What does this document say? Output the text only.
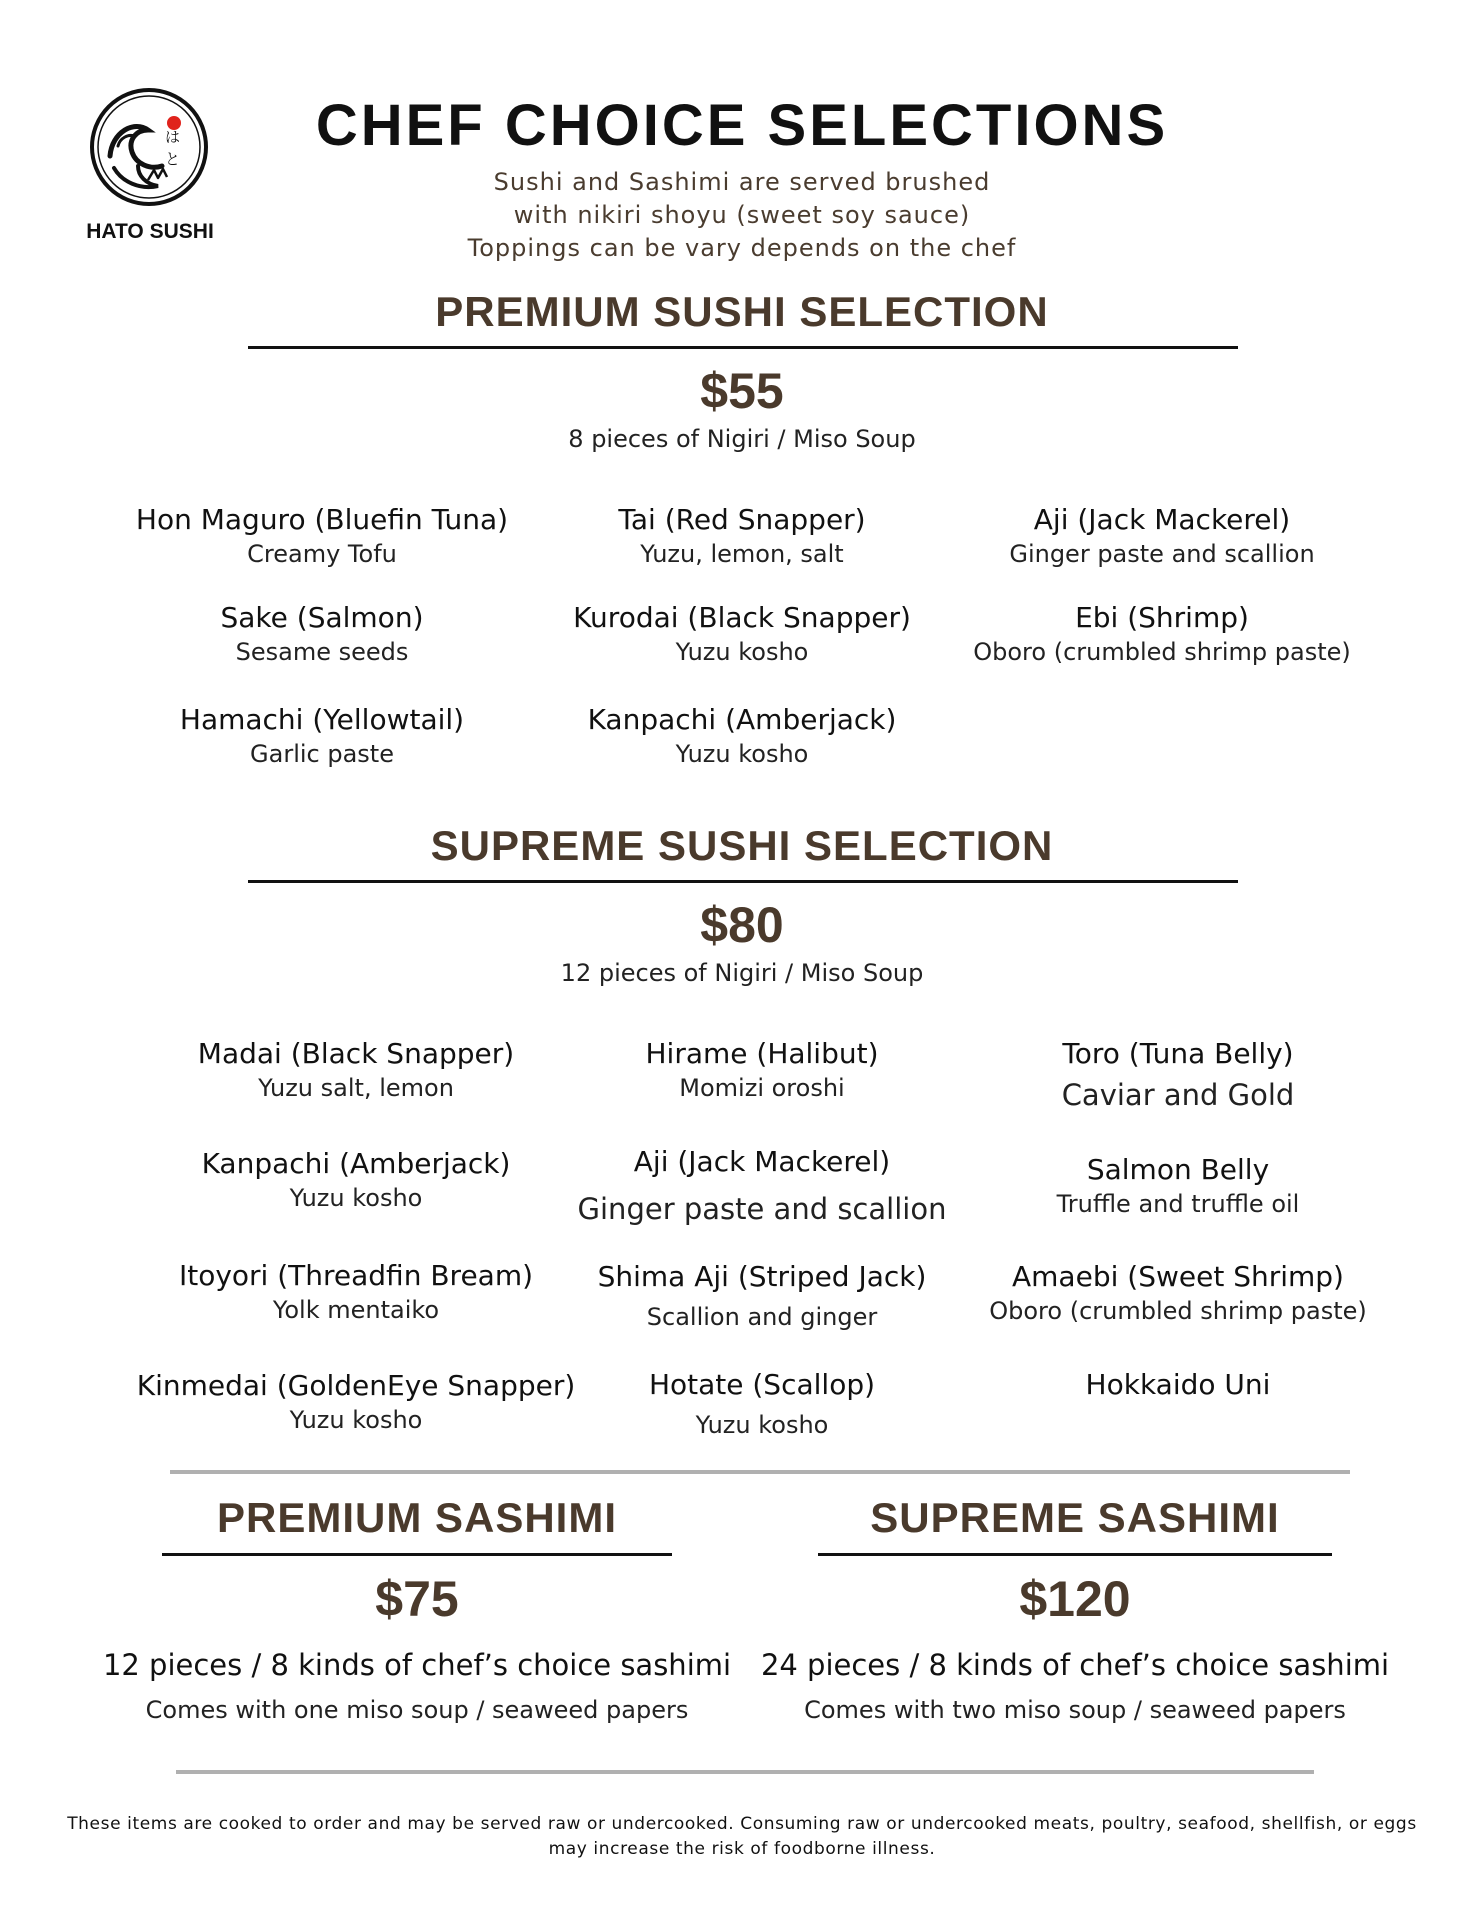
は
と
HATO SUSHI
CHEF CHOICE SELECTIONS
Sushi and Sashimi are served brushed
with nikiri shoyu (sweet soy sauce)
Toppings can be vary depends on the chef
PREMIUM SUSHI SELECTION
$55
8 pieces of Nigiri / Miso Soup
Hon Maguro (Bluefin Tuna)
Creamy Tofu
Tai (Red Snapper)
Yuzu, lemon, salt
Aji (Jack Mackerel)
Ginger paste and scallion
Sake (Salmon)
Sesame seeds
Kurodai (Black Snapper)
Yuzu kosho
Ebi (Shrimp)
Oboro (crumbled shrimp paste)
Hamachi (Yellowtail)
Garlic paste
Kanpachi (Amberjack)
Yuzu kosho
SUPREME SUSHI SELECTION
$80
12 pieces of Nigiri / Miso Soup
Madai (Black Snapper)
Yuzu salt, lemon
Hirame (Halibut)
Momizi oroshi
Toro (Tuna Belly)
Caviar and Gold
Kanpachi (Amberjack)
Yuzu kosho
Aji (Jack Mackerel)
Ginger paste and scallion
Salmon Belly
Truffle and truffle oil
Itoyori (Threadfin Bream)
Yolk mentaiko
Shima Aji (Striped Jack)
Scallion and ginger
Amaebi (Sweet Shrimp)
Oboro (crumbled shrimp paste)
Kinmedai (GoldenEye Snapper)
Yuzu kosho
Hotate (Scallop)
Yuzu kosho
Hokkaido Uni
PREMIUM SASHIMI
$75
12 pieces / 8 kinds of chef’s choice sashimi
Comes with one miso soup / seaweed papers
SUPREME SASHIMI
$120
24 pieces / 8 kinds of chef’s choice sashimi
Comes with two miso soup / seaweed papers
These items are cooked to order and may be served raw or undercooked. Consuming raw or undercooked meats, poultry, seafood, shellfish, or eggs may increase the risk of foodborne illness.
